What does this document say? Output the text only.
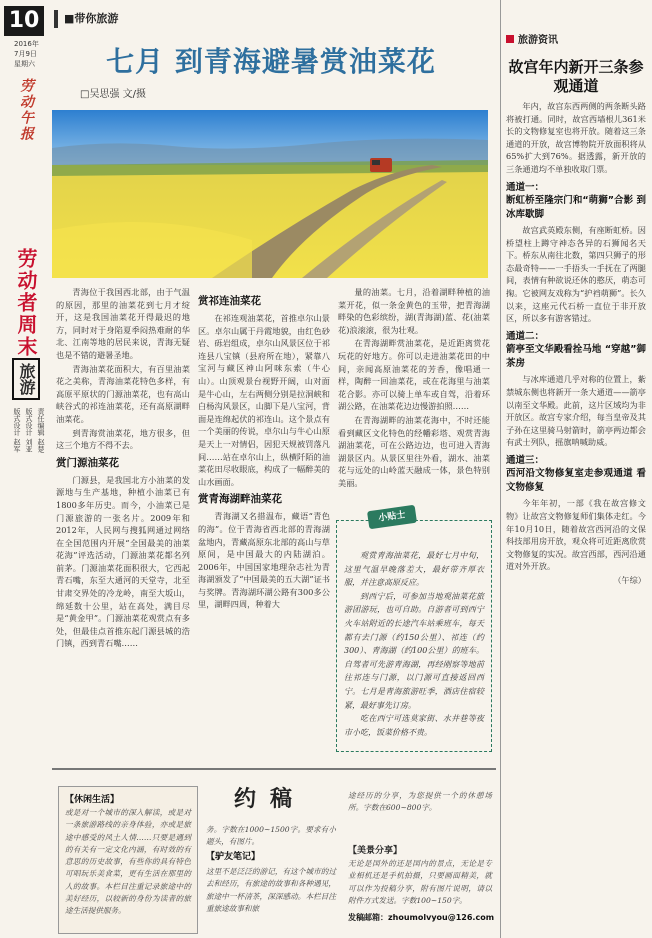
10
2016年
7月9日
星期六
劳动午报
劳动者周末
旅游
版式设计 赵军 版式设计 刘亚 责任编辑 赵楚
■带你旅游
七月 到青海避暑赏油菜花
□吴思强 文/摄

青海位于我国西北部，由于气温的原因，那里的油菜花到七月才绽开，这是我国油菜花开得最迟的地方，同时对于身陷夏季闷热难耐的华北、江南等地的居民来说，青海无疑也是不错的避暑圣地。

青海油菜花面积大，有百里油菜花之美称，青海油菜花特色多样，有高原平原状的门源油菜花，也有高山峡谷式的祁连油菜花，还有高原湖畔油菜花。

到青海赏油菜花，地方很多，但这三个地方不得不去。

赏门源油菜花

门源县，是我国北方小油菜的发源地与生产基地，种植小油菜已有1800多年历史。而今，小油菜已是门源旅游的一张名片。2009年和2012年，人民网与搜狐网通过网络在全国范围内开展“全国最美的油菜花海”评选活动，门源油菜花都名列前茅。门源油菜花面积很大，它西起青石嘴，东至大通河的天堂寺，北至甘肃交界处的冷龙岭，南至大坂山，绵延数十公里，站在高处，满目尽是“黄金甲”。门源油菜花观赏点有多处，但最佳点首推东起门源县城的浩门镇，西到青石嘴……

赏祁连油菜花

在祁连观油菜花，首推卓尔山景区。卓尔山属于丹霞地貌，由红色砂岩、砾岩组成，卓尔山风景区位于祁连县八宝镇（县府所在地），紧靠八宝河与藏区神山阿咪东索（牛心山）。山顶观景台视野开阔，山对面是牛心山，左右两侧分别是拉洞峡和白杨沟风景区，山脚下是八宝河，背面是连绵起伏的祁连山。这个景点有一个美丽的传说，卓尔山与牛心山原是天上一对情侣，因犯天规被罚落凡间……站在卓尔山上，纵横阡陌的油菜花田尽收眼底，构成了一幅醉美的山水画面。

赏青海湖畔油菜花

青海湖又名措温布，藏语“青色的海”。位于青海省西北部的青海湖盆地内，青藏高原东北部的高山与草原间，是中国最大的内陆湖泊。2006年，中国国家地理杂志社为青海湖颁发了“中国最美的五大湖”证书与奖牌。青海湖环湖公路有300多公里，湖畔四周，种着大

量的油菜。七月，沿着湖畔种植的油菜开花，似一条金黄色的玉带，把青海湖畔染的色彩缤纷，湖(青海湖)蓝、花(油菜花)浪滚滚，很为壮观。

在青海湖畔赏油菜花，是近距离赏花玩花的好地方。你可以走进油菜花田的中间，亲闻高原油菜花的芳香，像唱通一样，陶醉一回油菜花，或在花海里与油菜花合影。亦可以骑上单车或自驾，沿着环湖公路，在油菜花边边慢游拍照……

在青海湖畔的油菜花海中，不时还能看到藏区文化特色的经幡彩塔、观赏青海湖油菜花，可在公路边边，也可进入青海湖景区内。从景区里往外看，湖水、油菜花与远处的山岭蓝天融成一体，景色特别美丽。

观赏青海油菜花，最好七月中旬，这里气温早晚落差大，最好带齐厚衣服，并注意高原反应。

到西宁后，可参加当地观油菜花旅游团游玩，也可自助。自游者可到西宁火车站附近的长途汽车站乘班车，每天都有去门源（约150公里）、祁连（约300）、青海湖（约100公里）的班车。自驾者可先游青海湖，再经刚察等地前往祁连与门源，以门源可直接返回西宁。七月是青海旅游旺季，酒店住宿较紧，最好事先订房。

吃在西宁可选莫家街、水井巷等夜市小吃，饭菜价格不贵。

小贴士
旅游资讯
故宫年内新开三条参观通道

年内，故宫东西两侧的两条断头路将被打通。同时，故宫西墙根儿361米长的文物修复室也将开放。随着这三条通道的开放，故宫博物院开放面积将从65%扩大到76%。据透露，新开放的三条通道均不单独收取门票。

通道一：
断虹桥至隆宗门和“萌狮”合影 到冰库歇脚

故宫武英殿东侧，有座断虹桥。因桥望柱上蹲守神态各异的石狮闻名天下。桥东从南往北数，第四只狮子的形态最奇特——一手捂头一手抚在了两腿间，表情有种欲说还休的憨厌，萌态可掬。它被网友戏称为“护裆萌狮”。长久以来，这座元代石桥一直位于非开放区，所以多有游客错过。

通道二：
箭亭至文华殿看拴马地 “穿越”御茶房

与冰库通道几乎对称的位置上，紫禁城东侧也将新开一条大通道——箭亭以南至文华殿。此前，这片区域均为非开放区。故宫专家介绍，每当皇帝及其子孙在这里骑马射箭时，箭亭两边都会有武士列队，摇旗呐喊助威。

通道三：
西河沿文物修复室走参观通道 看文物修复

今年年初，一部《我在故宫修文物》让故宫文物修复师们集体走红。今年10月10日，随着故宫西河沿的文保科技部用房开放，观众将可近距离欣赏文物修复的实况。故宫西部，西河沿通道对外开放。

（午综）
约稿
【休闲生活】
或是对一个城市的深入解读，或是对一条旅游路线的亲身体验，亦或是旅途中感受的风土人情……只要是遇到的有关有一定文化内涵，有时效的有意思的历史故事，有些你的具有特色可唱玩乐美食菜，更有生活在那里的人的故事。本栏目注重记录旅途中的美好经历，以较新的身份为读者的旅途生活提供服务。
务。字数在1000~1500字。要求有小题头，有图片。
【驴友笔记】
这里不是泛泛的游记，有这个城市的过去和经历，有旅途的故事和各种遇见，旅途中一杯清茶，深深感动。本栏目注重旅途故事和旅
途经历的分享，为您提供一个的休憩场所。字数在600~800字。
【美景分享】
无论是国外的还是国内的景点，无论是专业相机还是手机拍摄，只要画面精美，就可以作为投稿分享，附有图片说明，请以附件方式发送。字数100~150字。
发稿邮箱：zhoumolvyou@126.com
